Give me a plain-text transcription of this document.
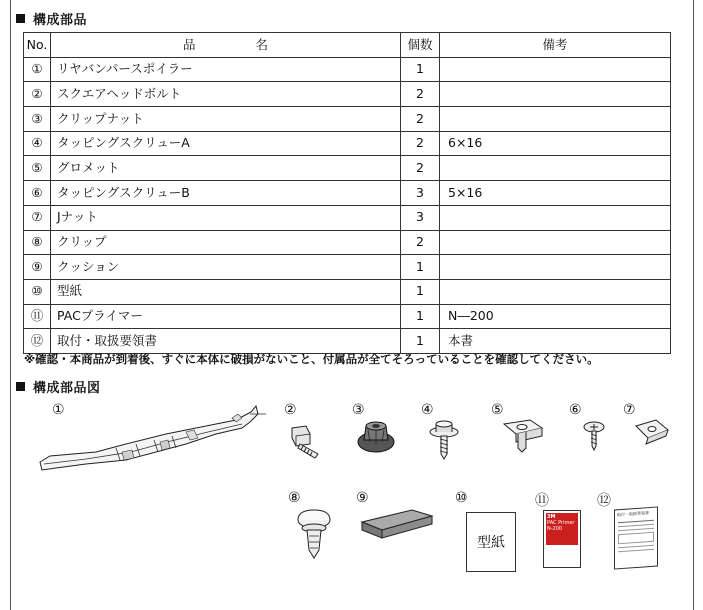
構成部品
No.	品 名	個数	備考
①	リヤバンパースポイラー	1	
②	スクエアヘッドボルト	2	
③	クリップナット	2	
④	タッピングスクリューA	2	6×16
⑤	グロメット	2	
⑥	タッピングスクリューB	3	5×16
⑦	Jナット	3	
⑧	クリップ	2	
⑨	クッション	1	
⑩	型紙	1	
⑪	PACプライマー	1	N―200
⑫	取付・取扱要領書	1	本書
※確認・本商品が到着後、すぐに本体に破損がないこと、付属品が全てそろっていることを確認してください。
構成部品図
①	②	③	④	⑤	⑥	⑦
⑧	⑨	⑩	⑪	⑫
型紙
3M
PAC Primer
N-200
取付・取扱要領書
